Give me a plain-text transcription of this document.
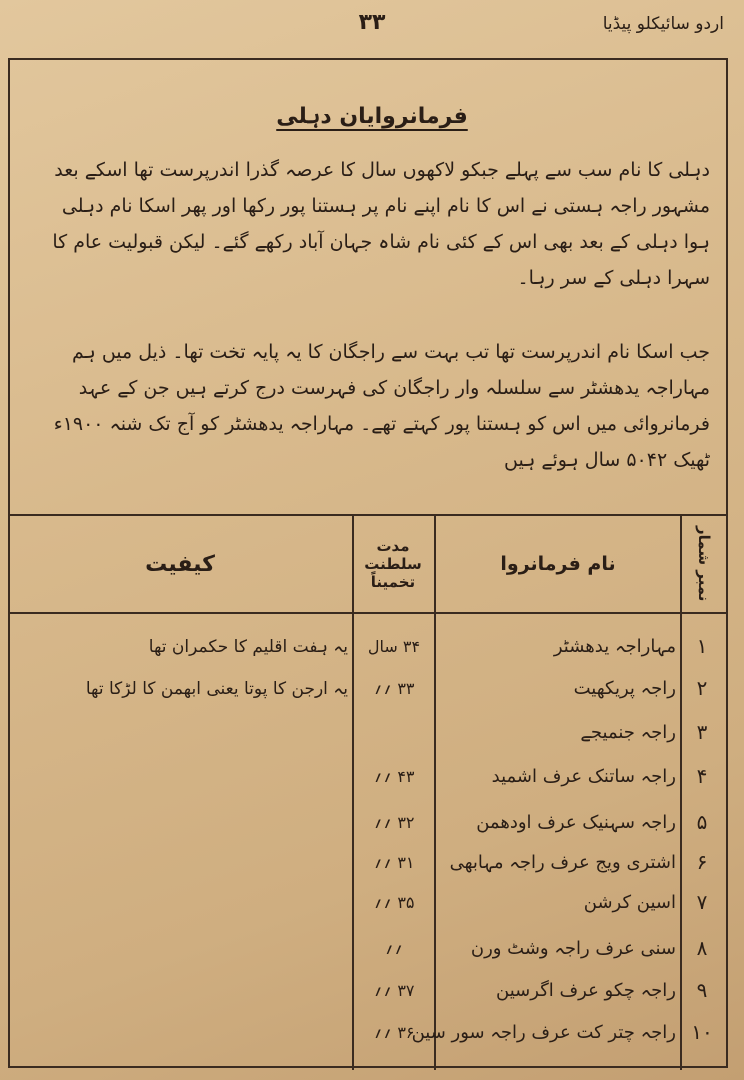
اردو سائیکلو پیڈیا
۳۳
فرمانروایان دہلی
دہلی کا نام سب سے پہلے جبکو لاکھوں سال کا عرصہ گذرا اندرپرست تھا اسکے بعد مشہور راجہ ہستی نے اس کا نام اپنے نام پر ہستنا پور رکھا اور پھر اسکا نام دہلی ہوا دہلی کے بعد بھی اس کے کئی نام شاہ جہان آباد رکھے گئے۔ لیکن قبولیت عام کا سہرا دہلی کے سر رہا۔
جب اسکا نام اندرپرست تھا تب بہت سے راجگان کا یہ پایہ تخت تھا۔ ذیل میں ہم مہاراجہ یدھشٹر سے سلسلہ وار راجگان کی فہرست درج کرتے ہیں جن کے عہد فرمانروائی میں اس کو ہستنا پور کہتے تھے۔ مہاراجہ یدھشٹر کو آج تک شنہ ۱۹۰۰ء ٹھیک ۵۰۴۲ سال ہوئے ہیں
نمبر شمار
نام فرمانروا
مدت سلطنت تخمیناً
کیفیت
۱
مہاراجہ یدھشٹر
۳۴ سال
یہ ہفت اقلیم کا حکمران تھا
۲
راجہ پریکھیت
۳۳ ؍؍
یہ ارجن کا پوتا یعنی ابھمن کا لڑکا تھا
۳
راجہ جنمیجے
۴
راجہ ساتنک عرف اشمید
۴۳ ؍؍
۵
راجہ سہنیک عرف اودھمن
۳۲ ؍؍
۶
اشتری ویج عرف راجہ مہابھی
۳۱ ؍؍
۷
اسین کرشن
۳۵ ؍؍
۸
سنی عرف راجہ وشٹ ورن
؍؍
۹
راجہ چکو عرف اگرسین
۳۷ ؍؍
۱۰
راجہ چتر کت عرف راجہ سور سین
۳۶ ؍؍
